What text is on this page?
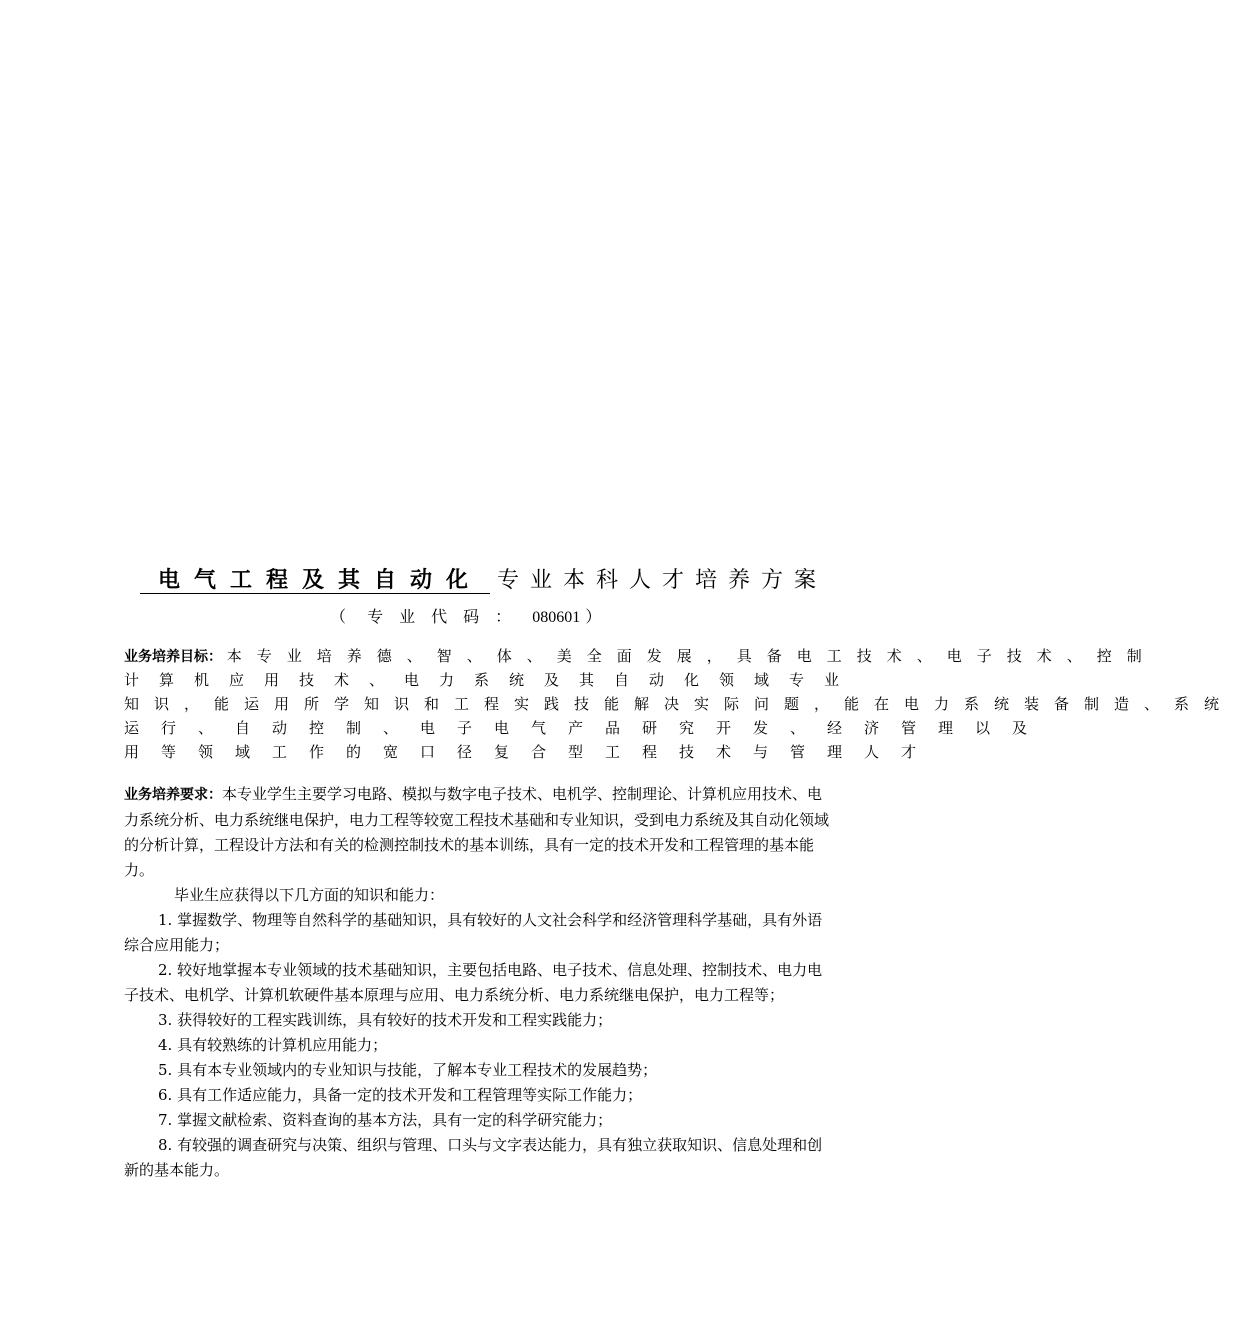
电气工程及其自动化 专业本科人才培养方案
（ 专业代码： 080601 ）
业务培养目标： 本专业培养德、智、体、美全面发展，具备电工技术、电子技术、控制
计算机应用技术、电力系统及其自动化领域专业
知识，能运用所学知识和工程实践技能解决实际问题，能在电力系统装备制造、系统
运行、自动控制、电子电气产品研究开发、经济管理以及
用等领域工作的宽口径复合型工程技术与管理人才

业务培养要求：本专业学生主要学习电路、模拟与数字电子技术、电机学、控制理论、计算机应用技术、电力系统分析、电力系统继电保护，电力工程等较宽工程技术基础和专业知识，受到电力系统及其自动化领域的分析计算，工程设计方法和有关的检测控制技术的基本训练，具有一定的技术开发和工程管理的基本能力。

毕业生应获得以下几方面的知识和能力：

1. 掌握数学、物理等自然科学的基础知识，具有较好的人文社会科学和经济管理科学基础，具有外语综合应用能力；

2. 较好地掌握本专业领域的技术基础知识，主要包括电路、电子技术、信息处理、控制技术、电力电子技术、电机学、计算机软硬件基本原理与应用、电力系统分析、电力系统继电保护，电力工程等；

3. 获得较好的工程实践训练，具有较好的技术开发和工程实践能力；

4. 具有较熟练的计算机应用能力；

5. 具有本专业领域内的专业知识与技能，了解本专业工程技术的发展趋势；

6. 具有工作适应能力，具备一定的技术开发和工程管理等实际工作能力；

7. 掌握文献检索、资料查询的基本方法，具有一定的科学研究能力；

8. 有较强的调查研究与决策、组织与管理、口头与文字表达能力，具有独立获取知识、信息处理和创新的基本能力。
